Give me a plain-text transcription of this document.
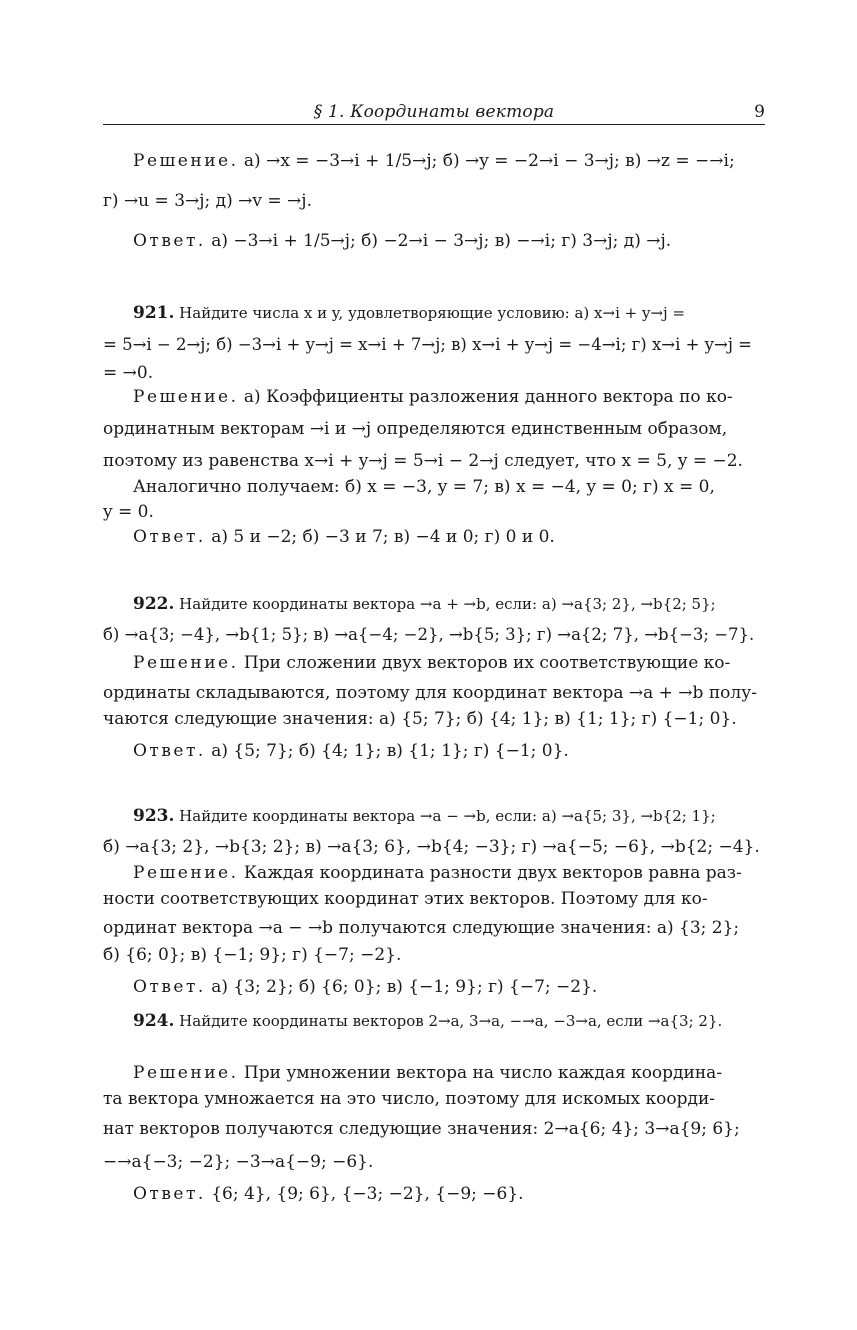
§ 1. Координаты вектора	9
Решение. а) →x = −3→i + 1/5→j; б) →y = −2→i − 3→j; в) →z = −→i;
г) →u = 3→j; д) →v = →j.
Ответ. а) −3→i + 1/5→j; б) −2→i − 3→j; в) −→i; г) 3→j; д) →j.
921. Найдите числа x и y, удовлетворяющие условию: а) x→i + y→j =
= 5→i − 2→j; б) −3→i + y→j = x→i + 7→j; в) x→i + y→j = −4→i; г) x→i + y→j =
= →0.
Решение. а) Коэффициенты разложения данного вектора по ко-
ординатным векторам →i и →j определяются единственным образом,
поэтому из равенства x→i + y→j = 5→i − 2→j следует, что x = 5, y = −2.
Аналогично получаем: б) x = −3, y = 7; в) x = −4, y = 0; г) x = 0,
y = 0.
Ответ. а) 5 и −2; б) −3 и 7; в) −4 и 0; г) 0 и 0.
922. Найдите координаты вектора →a + →b, если: а) →a{3; 2}, →b{2; 5};
б) →a{3; −4}, →b{1; 5}; в) →a{−4; −2}, →b{5; 3}; г) →a{2; 7}, →b{−3; −7}.
Решение. При сложении двух векторов их соответствующие ко-
ординаты складываются, поэтому для координат вектора →a + →b полу-
чаются следующие значения: а) {5; 7}; б) {4; 1}; в) {1; 1}; г) {−1; 0}.
Ответ. а) {5; 7}; б) {4; 1}; в) {1; 1}; г) {−1; 0}.
923. Найдите координаты вектора →a − →b, если: а) →a{5; 3}, →b{2; 1};
б) →a{3; 2}, →b{3; 2}; в) →a{3; 6}, →b{4; −3}; г) →a{−5; −6}, →b{2; −4}.
Решение. Каждая координата разности двух векторов равна раз-
ности соответствующих координат этих векторов. Поэтому для ко-
ординат вектора →a − →b получаются следующие значения: а) {3; 2};
б) {6; 0}; в) {−1; 9}; г) {−7; −2}.
Ответ. а) {3; 2}; б) {6; 0}; в) {−1; 9}; г) {−7; −2}.
924. Найдите координаты векторов 2→a, 3→a, −→a, −3→a, если →a{3; 2}.
Решение. При умножении вектора на число каждая координа-
та вектора умножается на это число, поэтому для искомых коорди-
нат векторов получаются следующие значения: 2→a{6; 4}; 3→a{9; 6};
−→a{−3; −2}; −3→a{−9; −6}.
Ответ. {6; 4}, {9; 6}, {−3; −2}, {−9; −6}.
